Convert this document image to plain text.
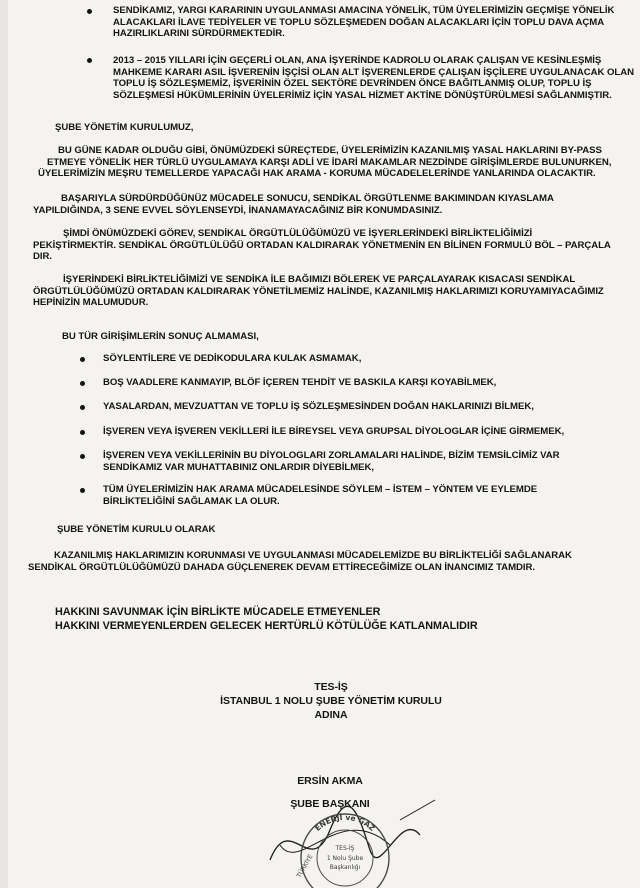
SENDİKAMIZ, YARGI KARARININ UYGULANMASI AMACINA YÖNELİK, TÜM ÜYELERİMİZİN GEÇMİŞE YÖNELİK
ALACAKLARI İLAVE TEDİYELER VE TOPLU SÖZLEŞMEDEN DOĞAN ALACAKLARI İÇİN TOPLU DAVA AÇMA
HAZIRLIKLARINI SÜRDÜRMEKTEDİR.
2013 – 2015 YILLARI İÇİN GEÇERLİ OLAN, ANA İŞYERİNDE KADROLU OLARAK ÇALIŞAN VE KESİNLEŞMİŞ
MAHKEME KARARI ASIL İŞVERENİN İŞÇİSİ OLAN ALT İŞVERENLERDE ÇALIŞAN İŞÇİLERE UYGULANACAK OLAN
TOPLU İŞ SÖZLEŞMEMİZ, İŞVERİNİN ÖZEL SEKTÖRE DEVRİNDEN ÖNCE BAĞITLANMIŞ OLUP, TOPLU İŞ
SÖZLEŞMESİ HÜKÜMLERİNİN ÜYELERİMİZ İÇİN YASAL HİZMET AKTİNE DÖNÜŞTÜRÜLMESİ SAĞLANMIŞTIR.
ŞUBE YÖNETİM KURULUMUZ,
BU GÜNE KADAR OLDUĞU GİBİ, ÖNÜMÜZDEKİ SÜREÇTEDE, ÜYELERİMİZİN KAZANILMIŞ YASAL HAKLARINI BY-PASS
ETMEYE YÖNELİK HER TÜRLÜ UYGULAMAYA KARŞI ADLİ VE İDARİ MAKAMLAR NEZDİNDE GİRİŞİMLERDE BULUNURKEN,
ÜYELERİMİZİN MEŞRU TEMELLERDE YAPACAĞI HAK ARAMA - KORUMA MÜCADELELERİNDE YANLARINDA OLACAKTIR.
BAŞARIYLA SÜRDÜRDÜĞÜNÜZ MÜCADELE SONUCU, SENDİKAL ÖRGÜTLENME BAKIMINDAN KIYASLAMA
YAPILDIĞINDA, 3 SENE EVVEL SÖYLENSEYDİ, İNANAMAYACAĞINIZ BİR KONUMDASINIZ.
ŞİMDİ ÖNÜMÜZDEKİ GÖREV, SENDİKAL ÖRGÜTLÜLÜĞÜMÜZÜ VE İŞYERLERİNDEKİ BİRLİKTELİĞİMİZİ
PEKİŞTİRMEKTİR. SENDİKAL ÖRGÜTLÜLÜĞÜ ORTADAN KALDIRARAK YÖNETMENİN EN BİLİNEN FORMULÜ BÖL – PARÇALA
DIR.
İŞYERİNDEKİ BİRLİKTELİĞİMİZİ VE SENDİKA İLE BAĞIMIZI BÖLEREK VE PARÇALAYARAK KISACASI SENDİKAL
ÖRGÜTLÜLÜĞÜMÜZÜ ORTADAN KALDIRARAK YÖNETİLMEMİZ HALİNDE, KAZANILMIŞ HAKLARIMIZI KORUYAMIYACAĞIMIZ
HEPİNİZİN MALUMUDUR.
BU TÜR GİRİŞİMLERİN SONUÇ ALMAMASI,
SÖYLENTİLERE VE DEDİKODULARA KULAK ASMAMAK,
BOŞ VAADLERE KANMAYIP, BLÖF İÇEREN TEHDİT VE BASKILA KARŞI KOYABİLMEK,
YASALARDAN, MEVZUATTAN VE TOPLU İŞ SÖZLEŞMESİNDEN DOĞAN HAKLARINIZI BİLMEK,
İŞVEREN VEYA İŞVEREN VEKİLLERİ İLE BİREYSEL VEYA GRUPSAL DİYOLOGLAR İÇİNE GİRMEMEK,
İŞVEREN VEYA VEKİLLERİNİN BU DİYOLOGLARI ZORLAMALARI HALİNDE, BİZİM TEMSİLCİMİZ VAR
SENDİKAMIZ VAR MUHATTABINIZ ONLARDIR DİYEBİLMEK,
TÜM ÜYELERİMİZİN HAK ARAMA MÜCADELESİNDE SÖYLEM – İSTEM – YÖNTEM VE EYLEMDE
BİRLİKTELİĞİNİ SAĞLAMAK LA OLUR.
ŞUBE YÖNETİM KURULU OLARAK
KAZANILMIŞ HAKLARIMIZIN KORUNMASI VE UYGULANMASI MÜCADELEMİZDE BU BİRLİKTELİĞİ SAĞLANARAK
SENDİKAL ÖRGÜTLÜLÜĞÜMÜZÜ DAHADA GÜÇLENEREK DEVAM ETTİRECEĞİMİZE OLAN İNANCIMIZ TAMDIR.
HAKKINI SAVUNMAK İÇİN BİRLİKTE MÜCADELE ETMEYENLER
HAKKINI VERMEYENLERDEN GELECEK HERTÜRLÜ KÖTÜLÜĞE KATLANMALIDIR
TES-İŞ
İSTANBUL 1 NOLU ŞUBE YÖNETİM KURULU
ADINA
ERSİN AKMA
ŞUBE BAŞKANI
ENERJİ ve GAZ
TES-İŞ
1 Nolu Şube
Başkanlığı
TÜRKİYE
